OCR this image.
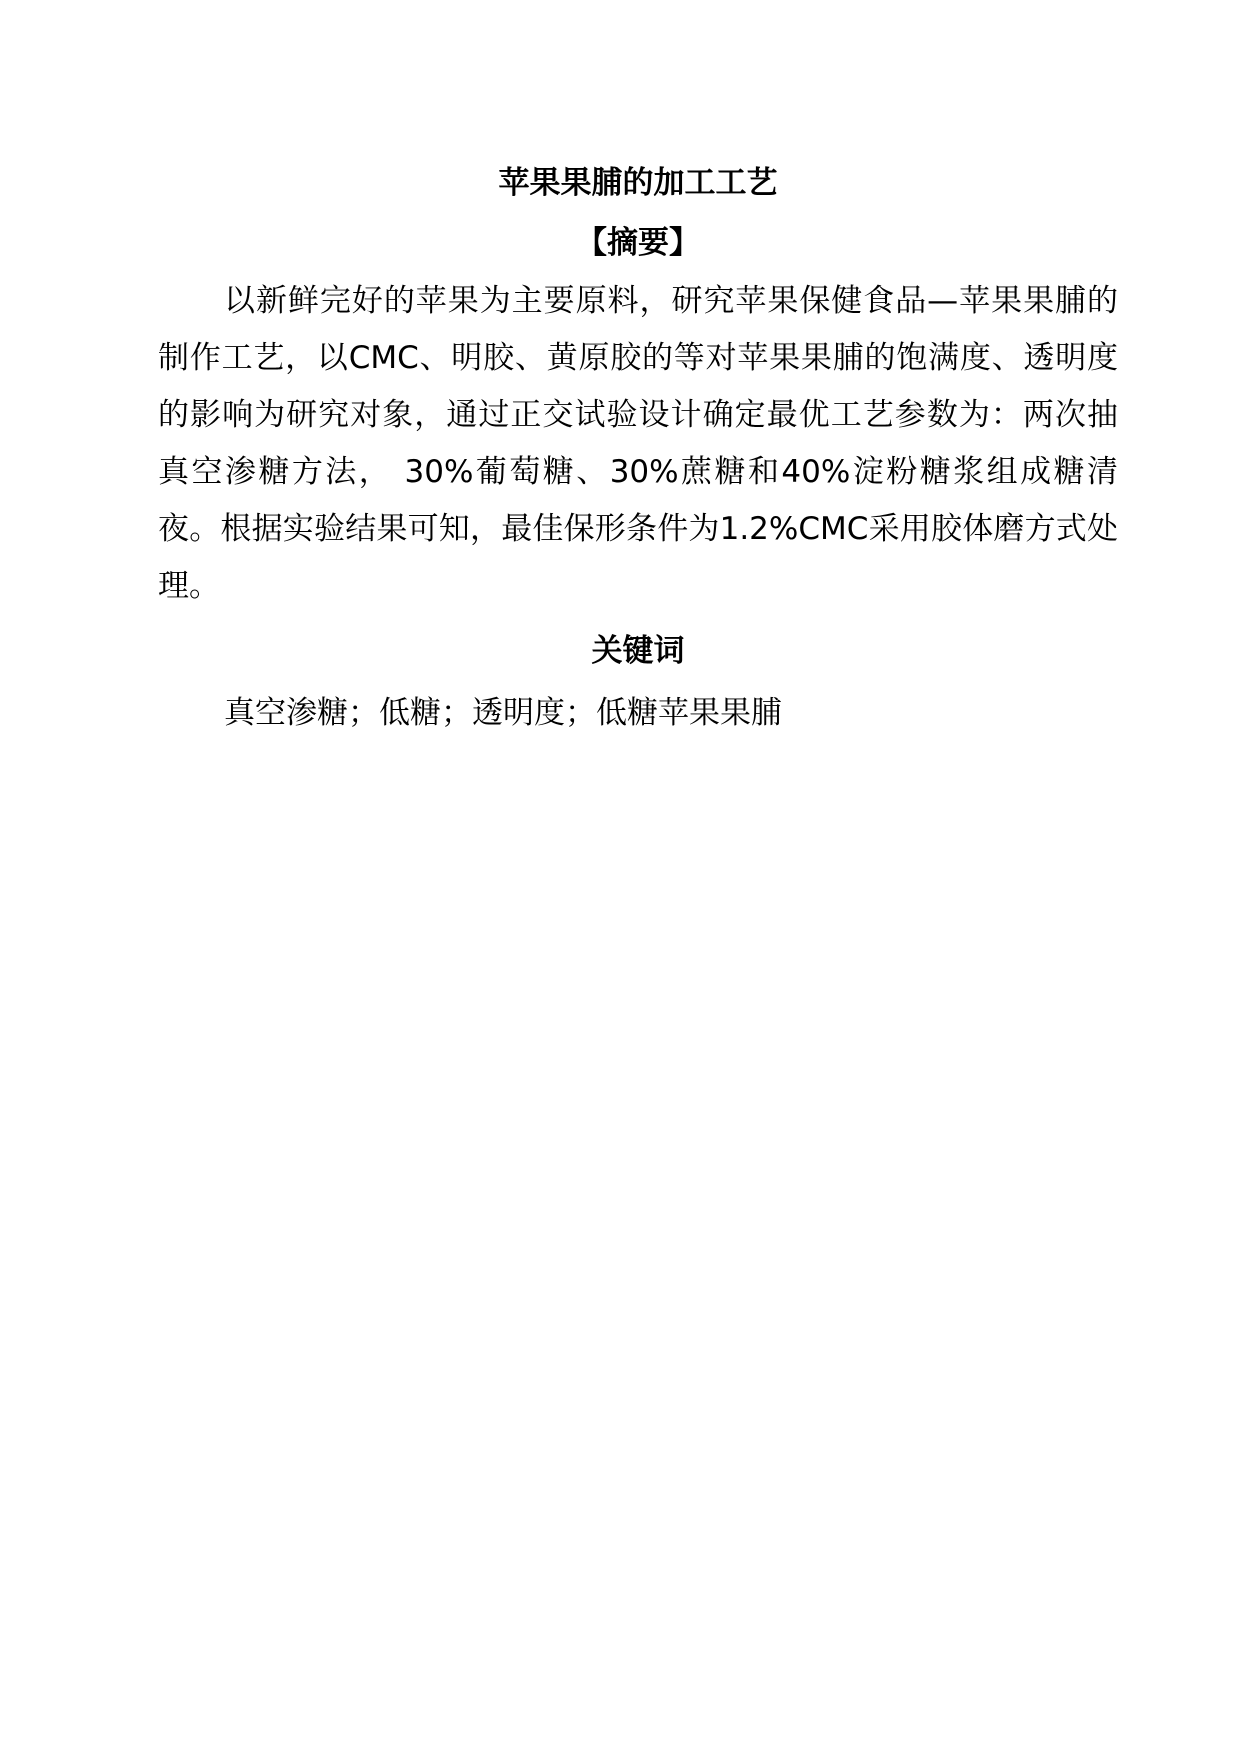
苹果果脯的加工工艺
【摘要】

以新鲜完好的苹果为主要原料，研究苹果保健食品—苹果果脯的制作工艺，以CMC、明胶、黄原胶的等对苹果果脯的饱满度、透明度的影响为研究对象，通过正交试验设计确定最优工艺参数为：两次抽真空渗糖方法， 30%葡萄糖、30%蔗糖和40%淀粉糖浆组成糖清夜。根据实验结果可知，最佳保形条件为1.2%CMC采用胶体磨方式处理。

关键词

真空渗糖；低糖；透明度；低糖苹果果脯
